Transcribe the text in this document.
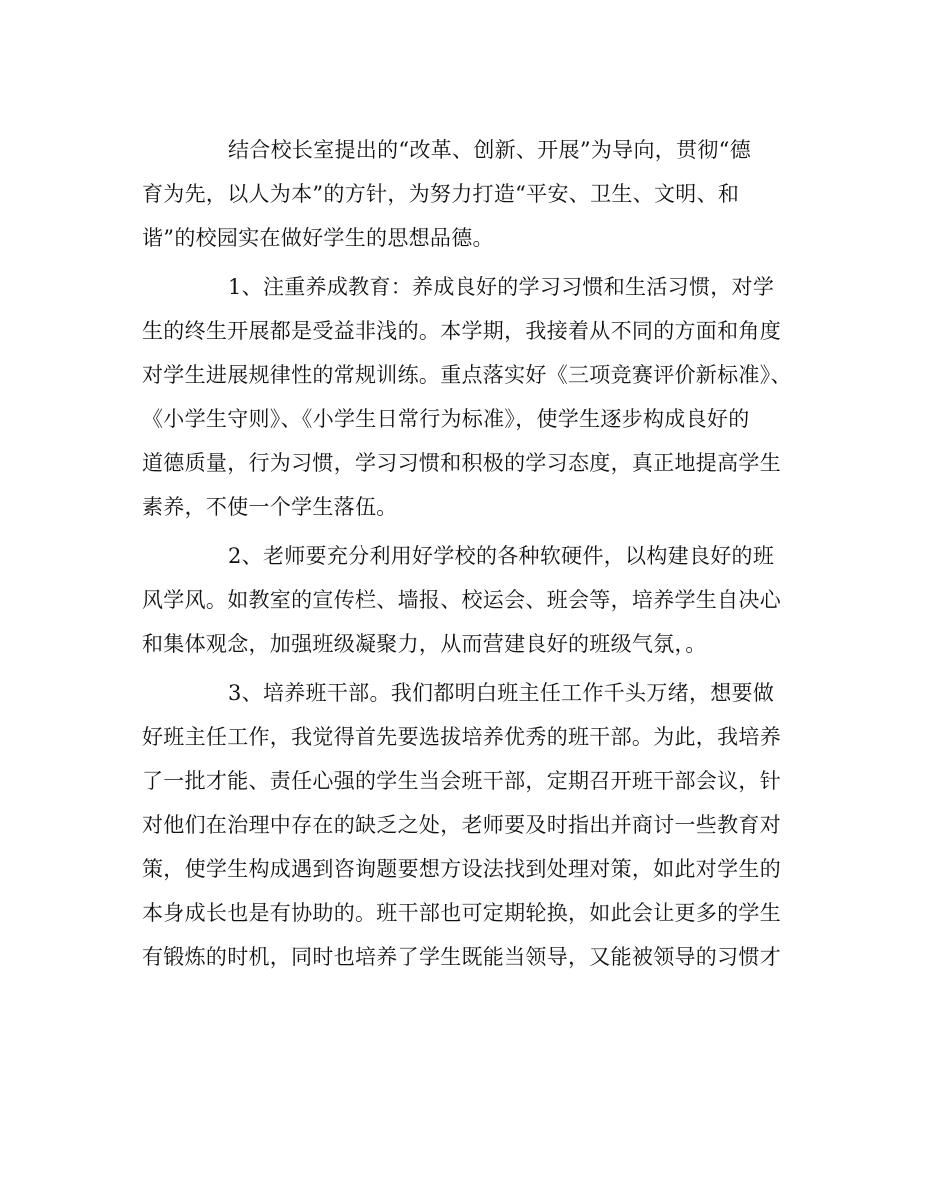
结合校长室提出的“改革、创新、开展”为导向，贯彻“德
育为先，以人为本”的方针，为努力打造“平安、卫生、文明、和
谐”的校园实在做好学生的思想品德。
1、注重养成教育：养成良好的学习习惯和生活习惯，对学
生的终生开展都是受益非浅的。本学期，我接着从不同的方面和角度
对学生进展规律性的常规训练。重点落实好《三项竞赛评价新标准》、
《小学生守则》、《小学生日常行为标准》，使学生逐步构成良好的
道德质量，行为习惯，学习习惯和积极的学习态度，真正地提高学生
素养，不使一个学生落伍。
2、老师要充分利用好学校的各种软硬件，以构建良好的班
风学风。如教室的宣传栏、墙报、校运会、班会等，培养学生自决心
和集体观念，加强班级凝聚力，从而营建良好的班级气氛，。
3、培养班干部。我们都明白班主任工作千头万绪，想要做
好班主任工作，我觉得首先要选拔培养优秀的班干部。为此，我培养
了一批才能、责任心强的学生当会班干部，定期召开班干部会议，针
对他们在治理中存在的缺乏之处，老师要及时指出并商讨一些教育对
策，使学生构成遇到咨询题要想方设法找到处理对策，如此对学生的
本身成长也是有协助的。班干部也可定期轮换，如此会让更多的学生
有锻炼的时机，同时也培养了学生既能当领导，又能被领导的习惯才
